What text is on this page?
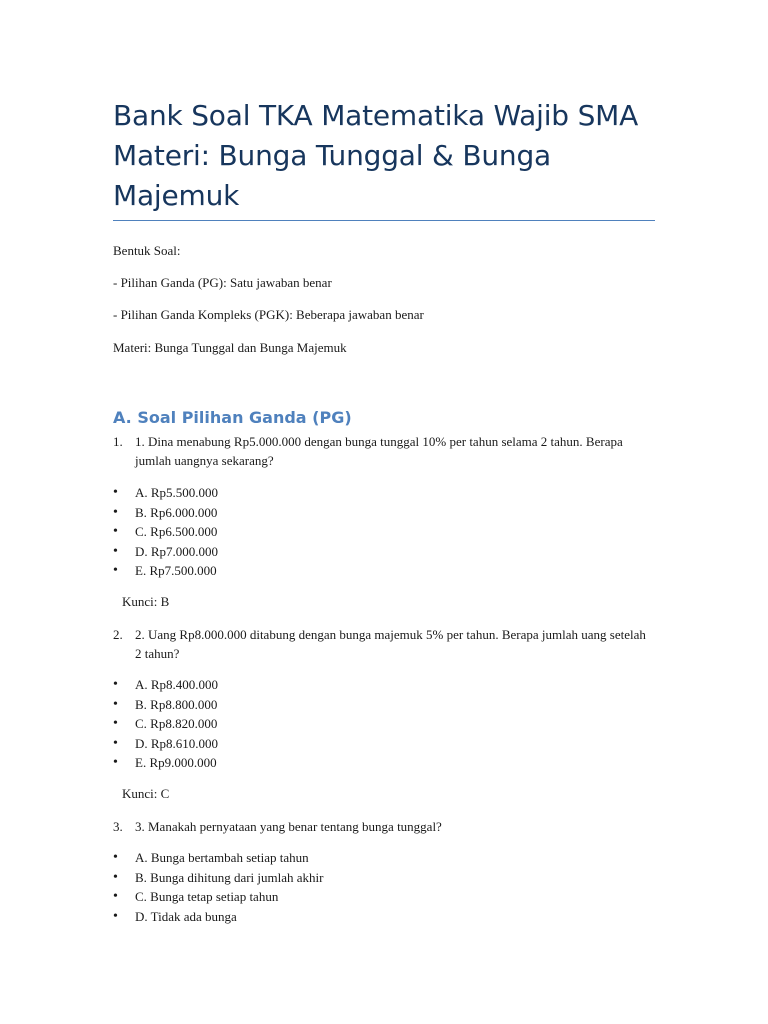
Bank Soal TKA Matematika Wajib SMA
Materi: Bunga Tunggal & Bunga
Majemuk

Bentuk Soal:

- Pilihan Ganda (PG): Satu jawaban benar

- Pilihan Ganda Kompleks (PGK): Beberapa jawaban benar

Materi: Bunga Tunggal dan Bunga Majemuk

A. Soal Pilihan Ganda (PG)
1. 1. Dina menabung Rp5.000.000 dengan bunga tunggal 10% per tahun selama 2 tahun. Berapa jumlah uangnya sekarang?
• A. Rp5.500.000
• B. Rp6.000.000
• C. Rp6.500.000
• D. Rp7.000.000
• E. Rp7.500.000
Kunci: B
2. 2. Uang Rp8.000.000 ditabung dengan bunga majemuk 5% per tahun. Berapa jumlah uang setelah 2 tahun?
• A. Rp8.400.000
• B. Rp8.800.000
• C. Rp8.820.000
• D. Rp8.610.000
• E. Rp9.000.000
Kunci: C
3. 3. Manakah pernyataan yang benar tentang bunga tunggal?
• A. Bunga bertambah setiap tahun
• B. Bunga dihitung dari jumlah akhir
• C. Bunga tetap setiap tahun
• D. Tidak ada bunga
